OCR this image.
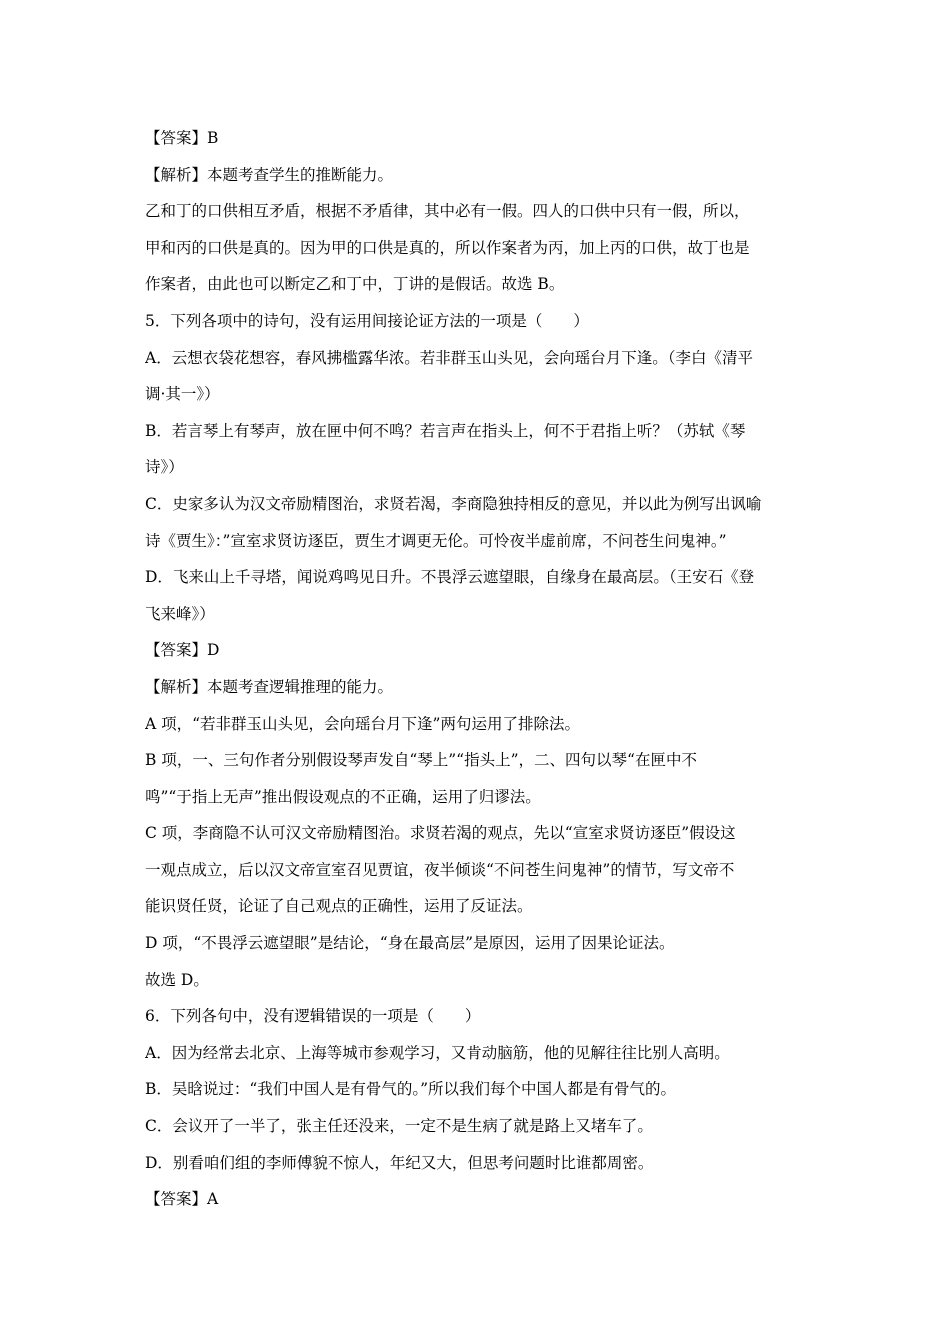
【答案】B
【解析】本题考查学生的推断能力。
乙和丁的口供相互矛盾，根据不矛盾律，其中必有一假。四人的口供中只有一假，所以，
甲和丙的口供是真的。因为甲的口供是真的，所以作案者为丙，加上丙的口供，故丁也是
作案者，由此也可以断定乙和丁中，丁讲的是假话。故选 B。
5．下列各项中的诗句，没有运用间接论证方法的一项是（　　）
A．云想衣袋花想容，春风拂槛露华浓。若非群玉山头见，会向瑶台月下逢。（李白《清平
调·其一》）
B．若言琴上有琴声，放在匣中何不鸣？若言声在指头上，何不于君指上听？（苏轼《琴
诗》）
C．史家多认为汉文帝励精图治，求贤若渴，李商隐独持相反的意见，并以此为例写出讽喻
诗《贾生》：”宣室求贤访逐臣，贾生才调更无伦。可怜夜半虚前席，不问苍生问鬼神。”
D．飞来山上千寻塔，闻说鸡鸣见日升。不畏浮云遮望眼，自缘身在最高层。（王安石《登
飞来峰》）
【答案】D
【解析】本题考查逻辑推理的能力。
A 项，“若非群玉山头见，会向瑶台月下逢”两句运用了排除法。
B 项，一、三句作者分别假设琴声发自“琴上”“指头上”，二、四句以琴“在匣中不
鸣”“于指上无声”推出假设观点的不正确，运用了归谬法。
C 项，李商隐不认可汉文帝励精图治。求贤若渴的观点，先以“宣室求贤访逐臣”假设这
一观点成立，后以汉文帝宣室召见贾谊，夜半倾谈“不问苍生问鬼神”的情节，写文帝不
能识贤任贤，论证了自己观点的正确性，运用了反证法。
D 项，“不畏浮云遮望眼”是结论，“身在最高层”是原因，运用了因果论证法。
故选 D。
6．下列各句中，没有逻辑错误的一项是（　　）
A．因为经常去北京、上海等城市参观学习，又肯动脑筋，他的见解往往比别人高明。
B．吴晗说过：“我们中国人是有骨气的。”所以我们每个中国人都是有骨气的。
C．会议开了一半了，张主任还没来，一定不是生病了就是路上又堵车了。
D．别看咱们组的李师傅貌不惊人，年纪又大，但思考问题时比谁都周密。
【答案】A
